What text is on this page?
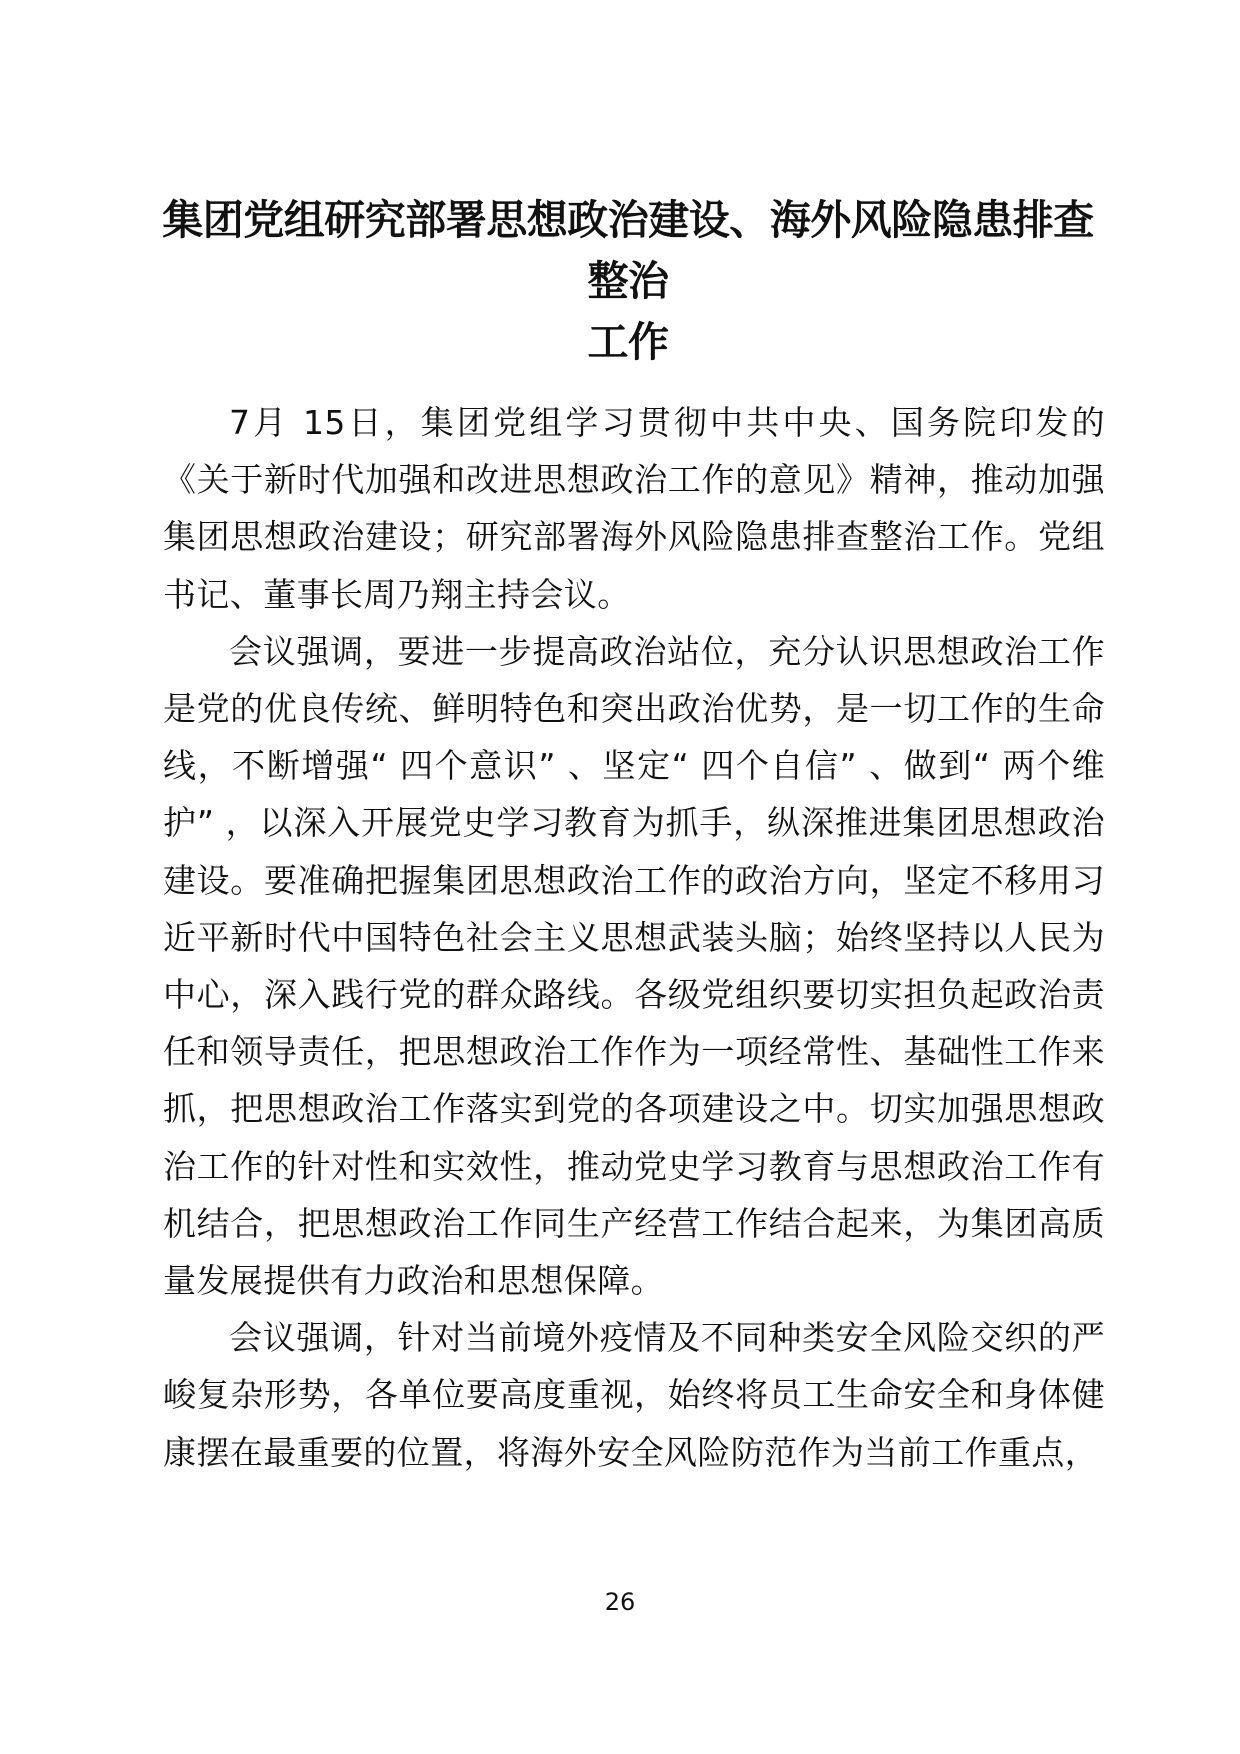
集团党组研究部署思想政治建设、海外风险隐患排查整治
工作

7月 15日，集团党组学习贯彻中共中央、国务院印发的《关于新时代加强和改进思想政治工作的意见》精神，推动加强集团思想政治建设；研究部署海外风险隐患排查整治工作。党组书记、董事长周乃翔主持会议。

会议强调，要进一步提高政治站位，充分认识思想政治工作是党的优良传统、鲜明特色和突出政治优势，是一切工作的生命线，不断增强“ 四个意识” 、坚定“ 四个自信” 、做到“ 两个维护” ，以深入开展党史学习教育为抓手，纵深推进集团思想政治建设。要准确把握集团思想政治工作的政治方向，坚定不移用习近平新时代中国特色社会主义思想武装头脑；始终坚持以人民为中心，深入践行党的群众路线。各级党组织要切实担负起政治责任和领导责任，把思想政治工作作为一项经常性、基础性工作来抓，把思想政治工作落实到党的各项建设之中。切实加强思想政治工作的针对性和实效性，推动党史学习教育与思想政治工作有机结合，把思想政治工作同生产经营工作结合起来，为集团高质量发展提供有力政治和思想保障。

会议强调，针对当前境外疫情及不同种类安全风险交织的严峻复杂形势，各单位要高度重视，始终将员工生命安全和身体健康摆在最重要的位置，将海外安全风险防范作为当前工作重点，

26
